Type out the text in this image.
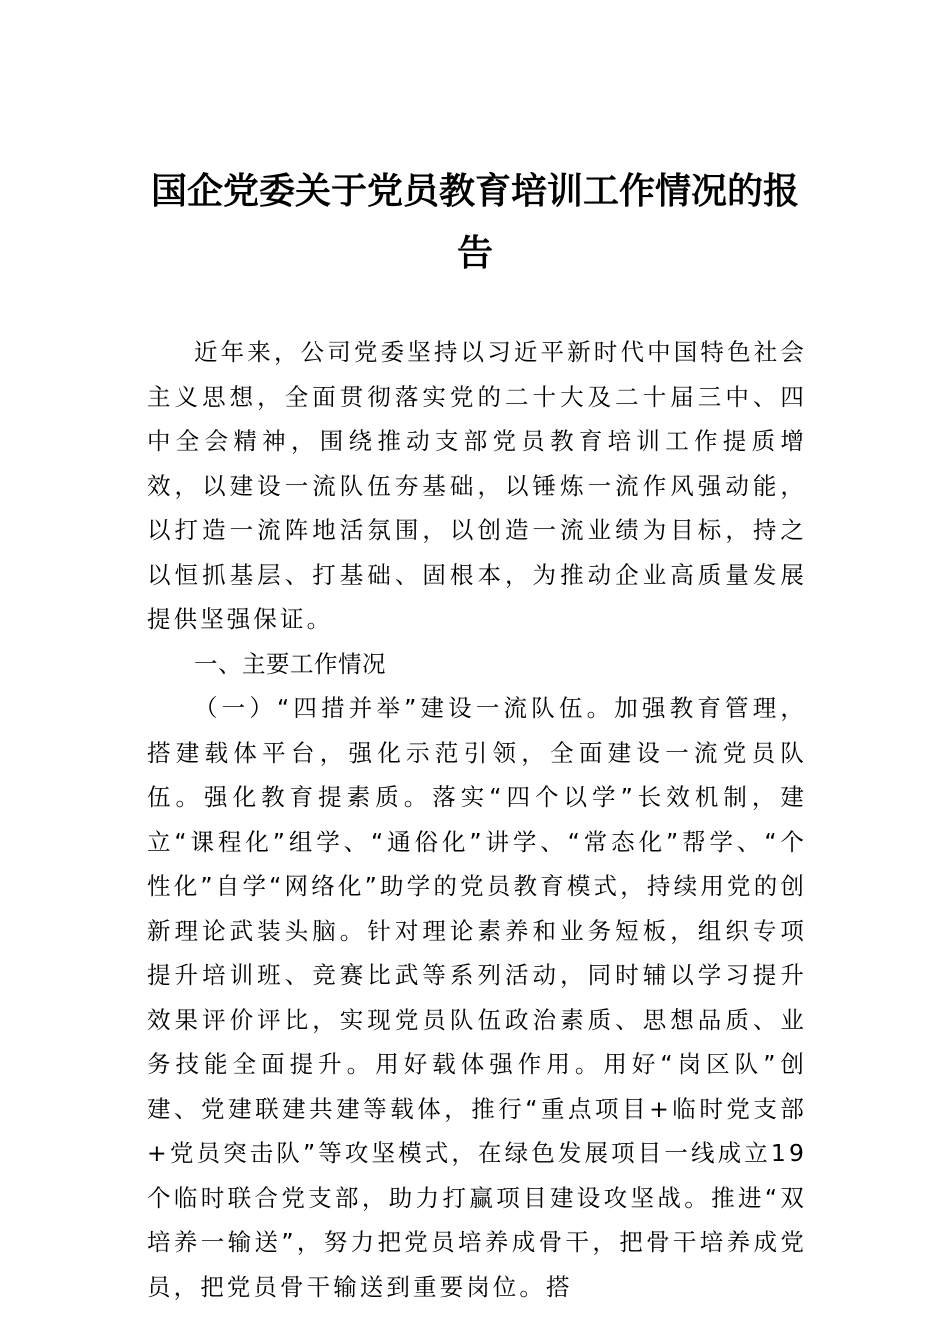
国企党委关于党员教育培训工作情况的报告

近年来，公司党委坚持以习近平新时代中国特色社会主义思想，全面贯彻落实党的二十大及二十届三中、四中全会精神，围绕推动支部党员教育培训工作提质增效，以建设一流队伍夯基础，以锤炼一流作风强动能，以打造一流阵地活氛围，以创造一流业绩为目标，持之以恒抓基层、打基础、固根本，为推动企业高质量发展提供坚强保证。

一、主要工作情况

（一）“四措并举”建设一流队伍。加强教育管理，搭建载体平台，强化示范引领，全面建设一流党员队伍。强化教育提素质。落实“四个以学”长效机制，建立“课程化”组学、“通俗化”讲学、“常态化”帮学、“个性化”自学“网络化”助学的党员教育模式，持续用党的创新理论武装头脑。针对理论素养和业务短板，组织专项提升培训班、竞赛比武等系列活动，同时辅以学习提升效果评价评比，实现党员队伍政治素质、思想品质、业务技能全面提升。用好载体强作用。用好“岗区队”创建、党建联建共建等载体，推行“重点项目+临时党支部+党员突击队”等攻坚模式，在绿色发展项目一线成立19个临时联合党支部，助力打赢项目建设攻坚战。推进“双培养一输送”，努力把党员培养成骨干，把骨干培养成党员，把党员骨干输送到重要岗位。搭
